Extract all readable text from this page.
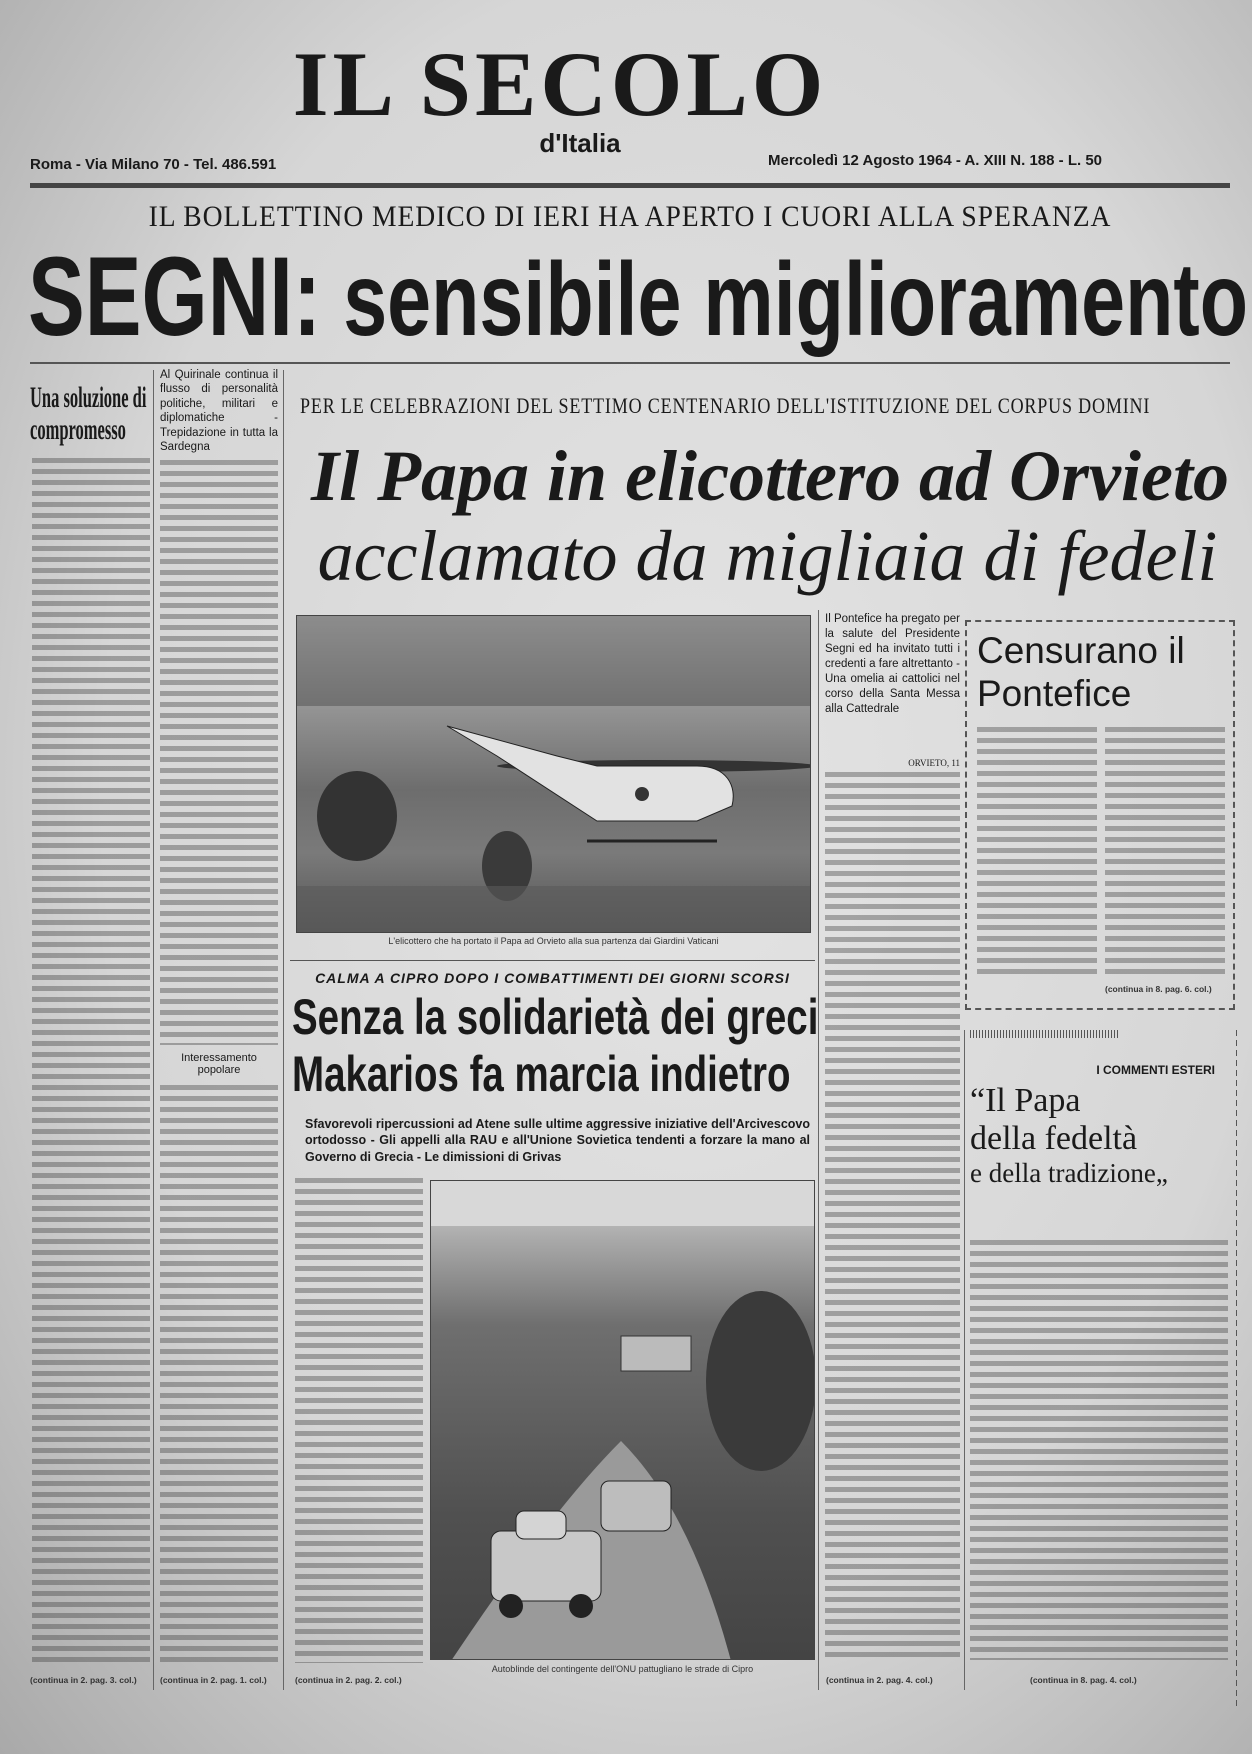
IL SECOLO
d'Italia
Roma - Via Milano 70 - Tel. 486.591	Mercoledì 12 Agosto 1964 - A. XIII N. 188 - L. 50
IL BOLLETTINO MEDICO DI IERI HA APERTO I CUORI ALLA SPERANZA
SEGNI: sensibile miglioramento
Una soluzione di compromesso
(continua in 2. pag. 3. col.)
Al Quirinale continua il flusso di personalità politiche, militari e diplomatiche - Trepidazione in tutta la Sardegna
Interessamento popolare
(continua in 2. pag. 1. col.)
PER LE CELEBRAZIONI DEL SETTIMO CENTENARIO DELL'ISTITUZIONE DEL CORPUS DOMINI
Il Papa in elicottero ad Orvieto
acclamato da migliaia di fedeli
L'elicottero che ha portato il Papa ad Orvieto alla sua partenza dai Giardini Vaticani
Il Pontefice ha pregato per la salute del Presidente Segni ed ha invitato tutti i credenti a fare altrettanto - Una omelia ai cattolici nel corso della Santa Messa alla Cattedrale
ORVIETO, 11
(continua in 2. pag. 4. col.)
Censurano il Pontefice
(continua in 8. pag. 6. col.)
CALMA A CIPRO DOPO I COMBATTIMENTI DEI GIORNI SCORSI
Senza la solidarietà dei greci
Makarios fa marcia indietro
Sfavorevoli ripercussioni ad Atene sulle ultime aggressive iniziative dell'Arcivescovo ortodosso - Gli appelli alla RAU e all'Unione Sovietica tendenti a forzare la mano al Governo di Grecia - Le dimissioni di Grivas
Autoblinde del contingente dell'ONU pattugliano le strade di Cipro
(continua in 2. pag. 2. col.)
I COMMENTI ESTERI
“Il Papa
della fedeltà
e della tradizione„
(continua in 8. pag. 4. col.)
